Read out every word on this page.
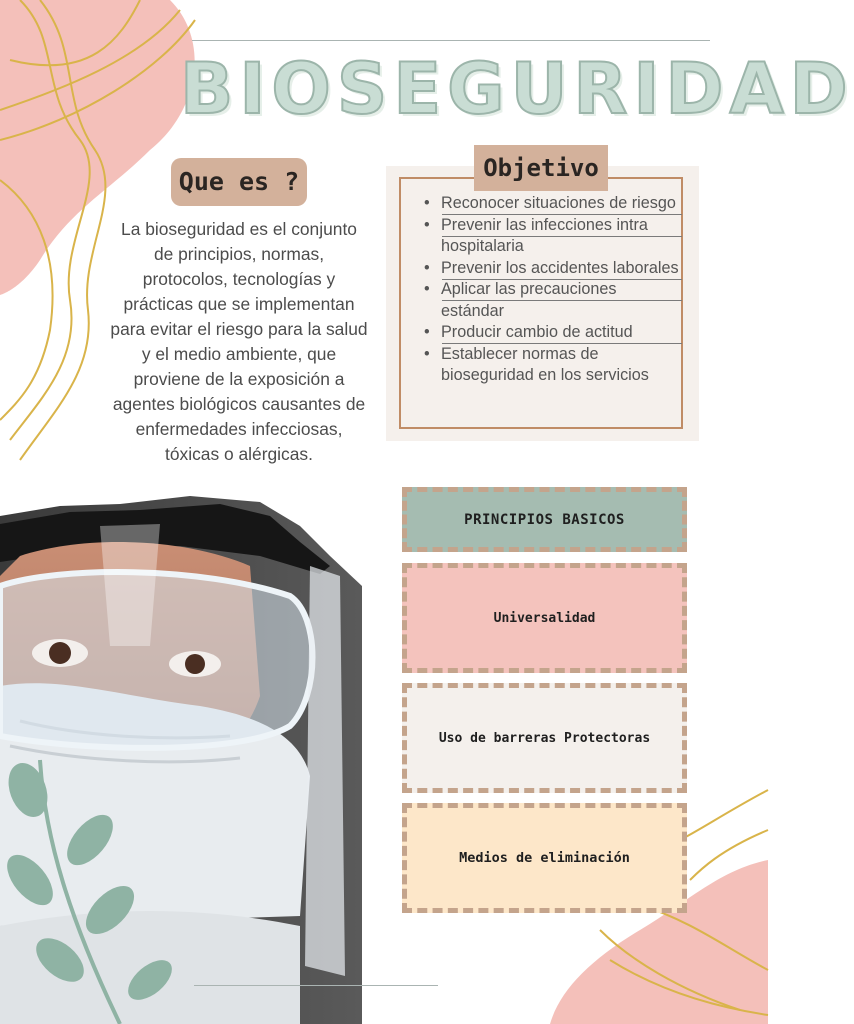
BIOSEGURIDAD
Que es ?
La bioseguridad es el conjunto de principios, normas, protocolos, tecnologías y prácticas que se implementan para evitar el riesgo para la salud y el medio ambiente, que proviene de la exposición a agentes biológicos causantes de enfermedades infecciosas, tóxicas o alérgicas.
Objetivo
• Reconocer situaciones de riesgo
• Prevenir las infecciones intra hospitalaria
• Prevenir los accidentes laborales
• Aplicar las precauciones estándar
• Producir cambio de actitud
• Establecer normas de bioseguridad en los servicios
PRINCIPIOS BASICOS
Universalidad
Uso de barreras Protectoras
Medios de eliminación
